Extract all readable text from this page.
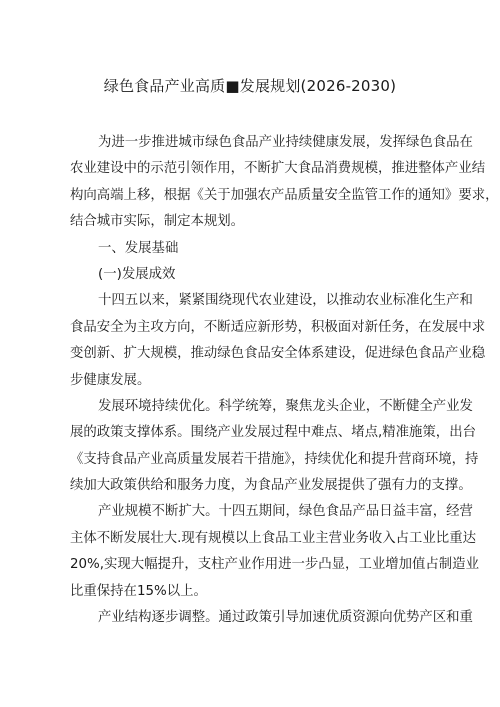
绿色食品产业高质■发展规划(2026-2030)
为进一步推进城市绿色食品产业持续健康发展，发挥绿色食品在
农业建设中的示范引领作用，不断扩大食品消费规模，推进整体产业结
构向高端上移，根据《关于加强农产品质量安全监管工作的通知》要求，
结合城市实际，制定本规划。
一、发展基础
(一)发展成效
十四五以来，紧紧围绕现代农业建设，以推动农业标准化生产和
食品安全为主攻方向，不断适应新形势，积极面对新任务，在发展中求
变创新、扩大规模，推动绿色食品安全体系建设，促进绿色食品产业稳
步健康发展。
发展环境持续优化。科学统筹，聚焦龙头企业，不断健全产业发
展的政策支撑体系。围绕产业发展过程中难点、堵点,精准施策，出台
《支持食品产业高质量发展若干措施》，持续优化和提升营商环境，持
续加大政策供给和服务力度，为食品产业发展提供了强有力的支撑。
产业规模不断扩大。十四五期间，绿色食品产品日益丰富，经营
主体不断发展壮大.现有规模以上食品工业主营业务收入占工业比重达
20%,实现大幅提升，支柱产业作用进一步凸显，工业增加值占制造业
比重保持在15%以上。
产业结构逐步调整。通过政策引导加速优质资源向优势产区和重
